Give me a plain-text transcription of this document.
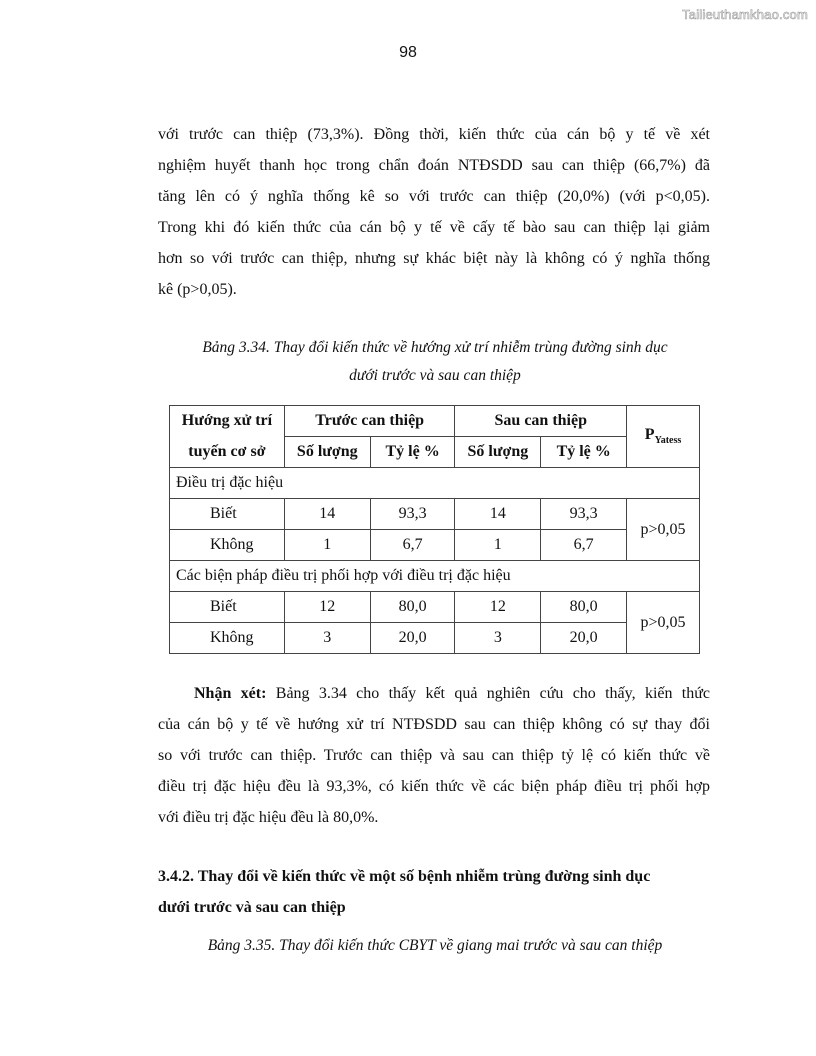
Tailieuthamkhao.com
98

với trước can thiệp (73,3%). Đồng thời, kiến thức của cán bộ y tế về xét
nghiệm huyết thanh học trong chẩn đoán NTĐSDD sau can thiệp (66,7%) đã
tăng lên có ý nghĩa thống kê so với trước can thiệp (20,0%) (với p<0,05).
Trong khi đó kiến thức của cán bộ y tế về cấy tế bào sau can thiệp lại giảm
hơn so với trước can thiệp, nhưng sự khác biệt này là không có ý nghĩa thống
kê (p>0,05).

Bảng 3.34. Thay đổi kiến thức về hướng xử trí nhiễm trùng đường sinh dục
dưới trước và sau can thiệp

Hướng xử trí	Trước can thiệp		Sau can thiệp		$P_{Yatess}$
tuyến cơ sở	Số lượng	Tỷ lệ %	Số lượng	Tỷ lệ %	
Điều trị đặc hiệu					
Biết	14	93,3	14	93,3	p>0,05
Không	1	6,7	1	6,7	
Các biện pháp điều trị phối hợp với điều trị đặc hiệu					
Biết	12	80,0	12	80,0	p>0,05
Không	3	20,0	3	20,0	

Nhận xét: Bảng 3.34 cho thấy kết quả nghiên cứu cho thấy, kiến thức
của cán bộ y tế về hướng xử trí NTĐSDD sau can thiệp không có sự thay đổi
so với trước can thiệp. Trước can thiệp và sau can thiệp tỷ lệ có kiến thức về
điều trị đặc hiệu đều là 93,3%, có kiến thức về các biện pháp điều trị phối hợp
với điều trị đặc hiệu đều là 80,0%.

3.4.2. Thay đổi về kiến thức về một số bệnh nhiễm trùng đường sinh dục
dưới trước và sau can thiệp

Bảng 3.35. Thay đổi kiến thức CBYT về giang mai trước và sau can thiệp
